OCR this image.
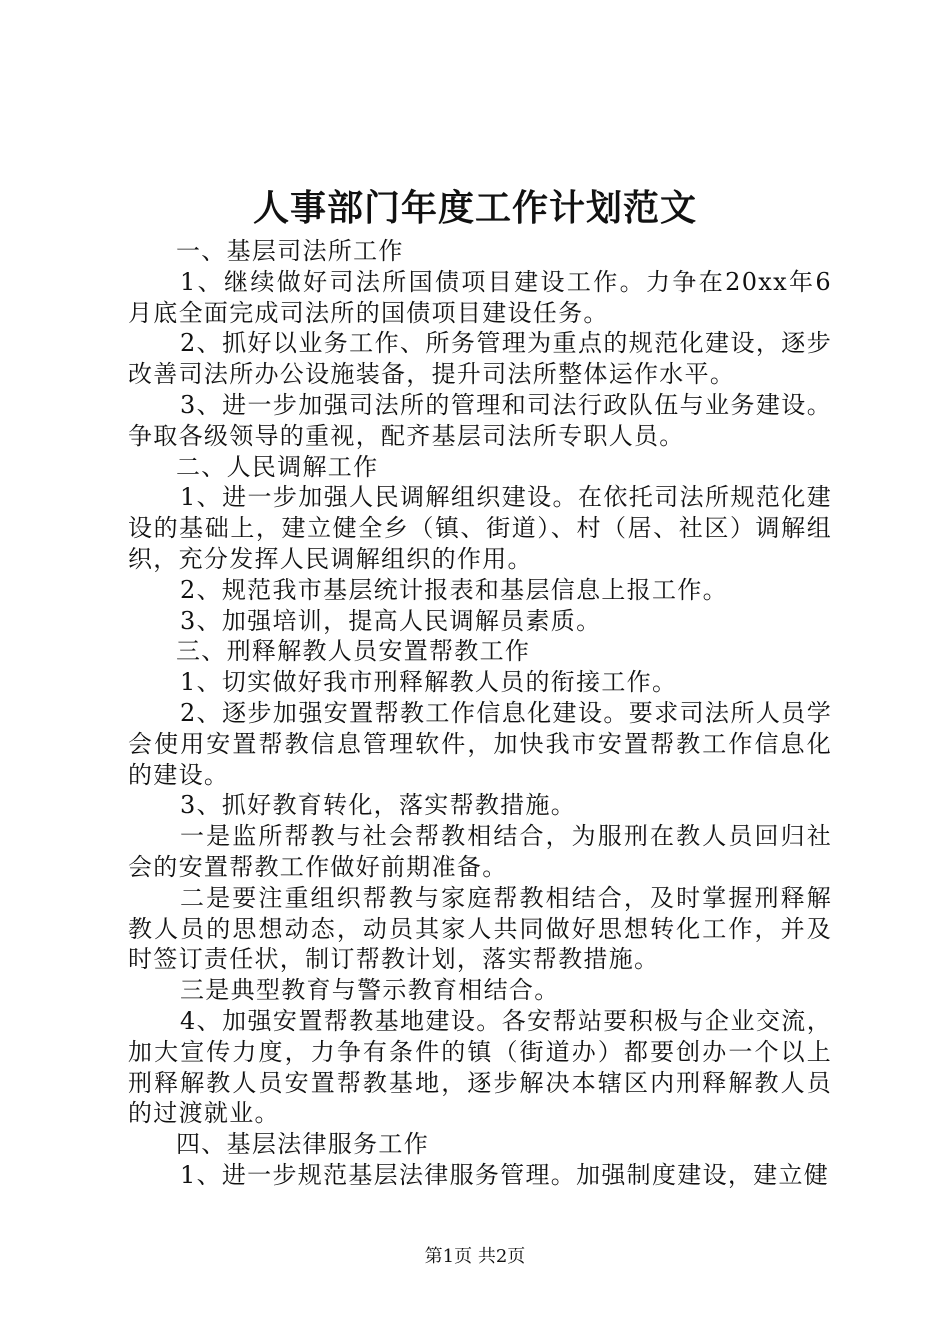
人事部门年度工作计划范文

一、基层司法所工作

1、继续做好司法所国债项目建设工作。力争在20xx年6月底全面完成司法所的国债项目建设任务。

2、抓好以业务工作、所务管理为重点的规范化建设，逐步改善司法所办公设施装备，提升司法所整体运作水平。

3、进一步加强司法所的管理和司法行政队伍与业务建设。争取各级领导的重视，配齐基层司法所专职人员。

二、人民调解工作

1、进一步加强人民调解组织建设。在依托司法所规范化建设的基础上，建立健全乡（镇、街道）、村（居、社区）调解组织，充分发挥人民调解组织的作用。

2、规范我市基层统计报表和基层信息上报工作。

3、加强培训，提高人民调解员素质。

三、刑释解教人员安置帮教工作

1、切实做好我市刑释解教人员的衔接工作。

2、逐步加强安置帮教工作信息化建设。要求司法所人员学会使用安置帮教信息管理软件，加快我市安置帮教工作信息化的建设。

3、抓好教育转化，落实帮教措施。

一是监所帮教与社会帮教相结合，为服刑在教人员回归社会的安置帮教工作做好前期准备。

二是要注重组织帮教与家庭帮教相结合，及时掌握刑释解教人员的思想动态，动员其家人共同做好思想转化工作，并及时签订责任状，制订帮教计划，落实帮教措施。

三是典型教育与警示教育相结合。

4、加强安置帮教基地建设。各安帮站要积极与企业交流，加大宣传力度，力争有条件的镇（街道办）都要创办一个以上刑释解教人员安置帮教基地，逐步解决本辖区内刑释解教人员的过渡就业。

四、基层法律服务工作

1、进一步规范基层法律服务管理。加强制度建设，建立健

第1页 共2页
